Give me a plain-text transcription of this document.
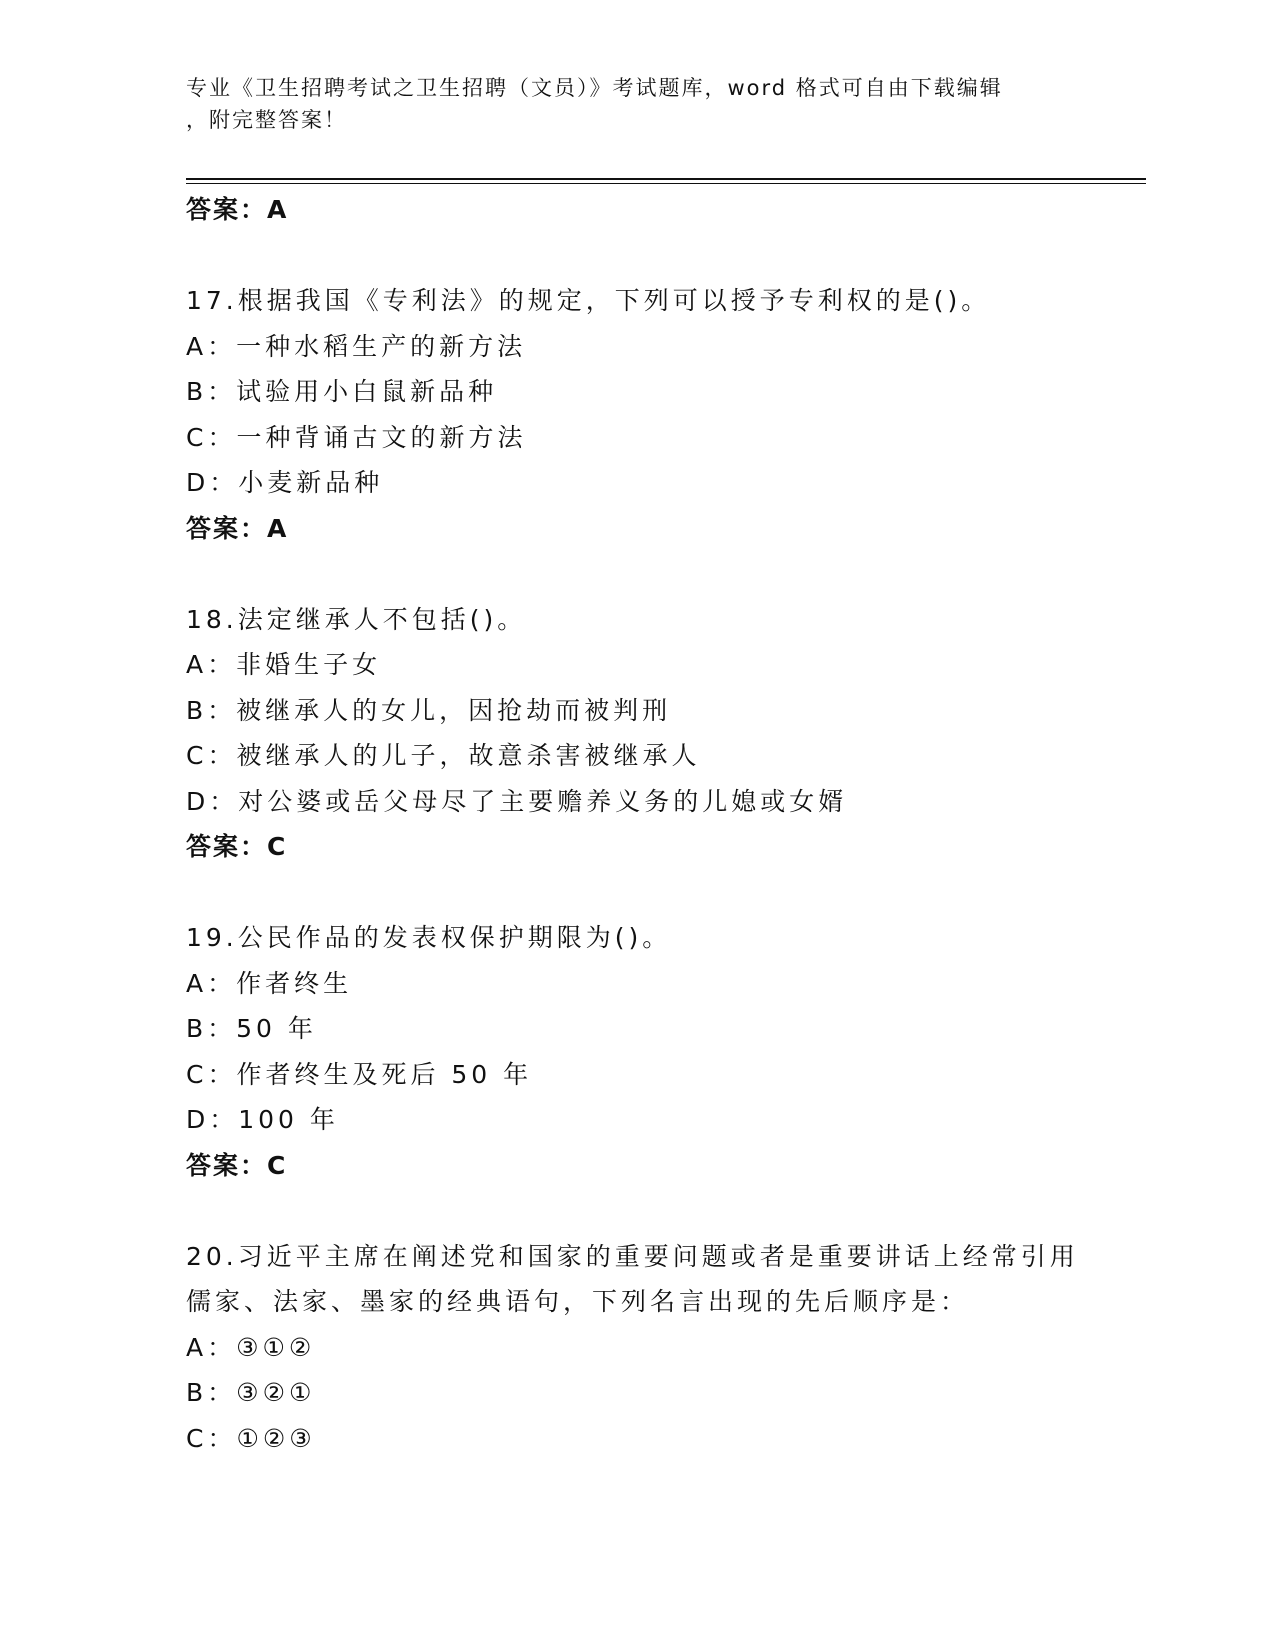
专业《卫生招聘考试之卫生招聘（文员）》考试题库，word 格式可自由下载编辑
，附完整答案！
答案：A
17.根据我国《专利法》的规定，下列可以授予专利权的是()。
A：一种水稻生产的新方法
B：试验用小白鼠新品种
C：一种背诵古文的新方法
D：小麦新品种
答案：A
18.法定继承人不包括()。
A：非婚生子女
B：被继承人的女儿，因抢劫而被判刑
C：被继承人的儿子，故意杀害被继承人
D：对公婆或岳父母尽了主要赡养义务的儿媳或女婿
答案：C
19.公民作品的发表权保护期限为()。
A：作者终生
B：50 年
C：作者终生及死后 50 年
D：100 年
答案：C
20.习近平主席在阐述党和国家的重要问题或者是重要讲话上经常引用
儒家、法家、墨家的经典语句，下列名言出现的先后顺序是：
A：③①②
B：③②①
C：①②③
